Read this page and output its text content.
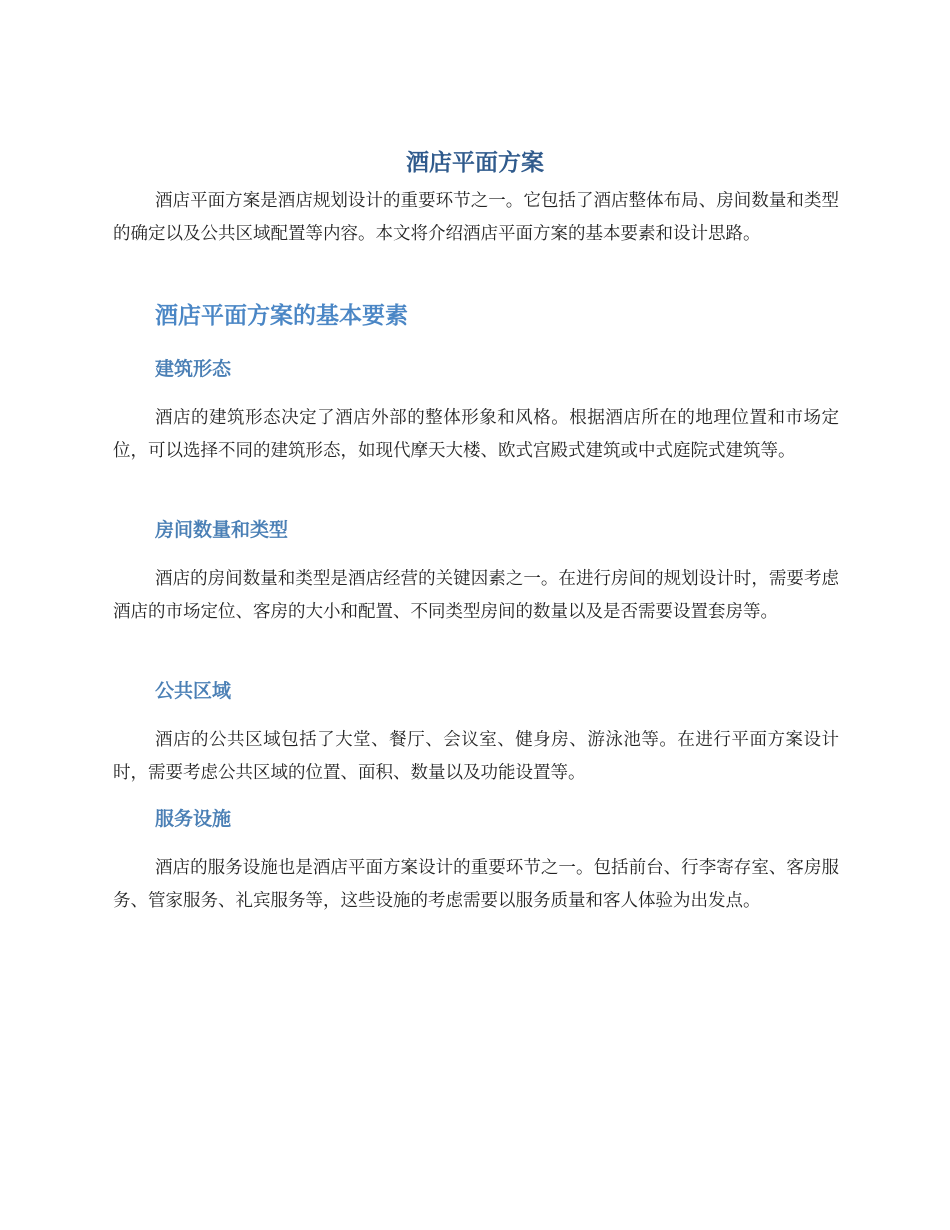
酒店平面方案

酒店平面方案是酒店规划设计的重要环节之一。它包括了酒店整体布局、房间数量和类型的确定以及公共区域配置等内容。本文将介绍酒店平面方案的基本要素和设计思路。

酒店平面方案的基本要素
建筑形态

酒店的建筑形态决定了酒店外部的整体形象和风格。根据酒店所在的地理位置和市场定位，可以选择不同的建筑形态，如现代摩天大楼、欧式宫殿式建筑或中式庭院式建筑等。

房间数量和类型

酒店的房间数量和类型是酒店经营的关键因素之一。在进行房间的规划设计时，需要考虑酒店的市场定位、客房的大小和配置、不同类型房间的数量以及是否需要设置套房等。

公共区域

酒店的公共区域包括了大堂、餐厅、会议室、健身房、游泳池等。在进行平面方案设计时，需要考虑公共区域的位置、面积、数量以及功能设置等。

服务设施

酒店的服务设施也是酒店平面方案设计的重要环节之一。包括前台、行李寄存室、客房服务、管家服务、礼宾服务等，这些设施的考虑需要以服务质量和客人体验为出发点。
